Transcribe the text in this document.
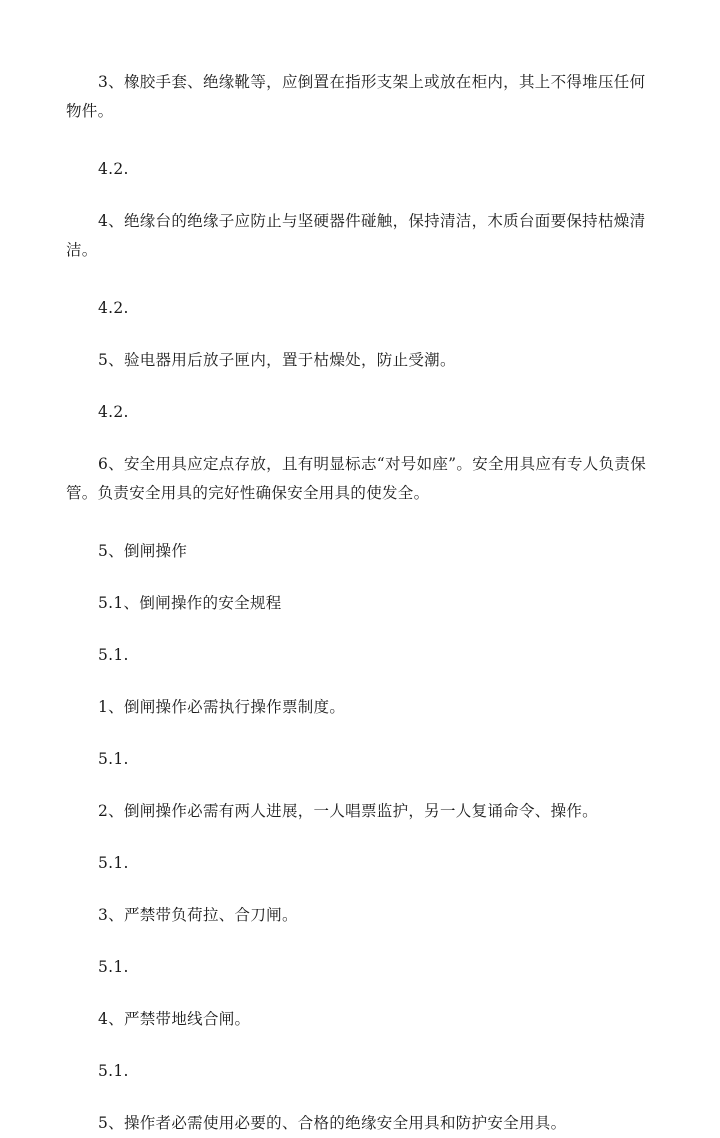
3、橡胶手套、绝缘靴等，应倒置在指形支架上或放在柜内，其上不得堆压任何物件。

4.2.

4、绝缘台的绝缘子应防止与坚硬器件碰触，保持清洁，木质台面要保持枯燥清洁。

4.2.

5、验电器用后放子匣内，置于枯燥处，防止受潮。

4.2.

6、安全用具应定点存放，且有明显标志“对号如座”。安全用具应有专人负责保管。负责安全用具的完好性确保安全用具的使发全。

5、倒闸操作

5.1、倒闸操作的安全规程

5.1.

1、倒闸操作必需执行操作票制度。

5.1.

2、倒闸操作必需有两人进展，一人唱票监护，另一人复诵命令、操作。

5.1.

3、严禁带负荷拉、合刀闸。

5.1.

4、严禁带地线合闸。

5.1.

5、操作者必需使用必要的、合格的绝缘安全用具和防护安全用具。
